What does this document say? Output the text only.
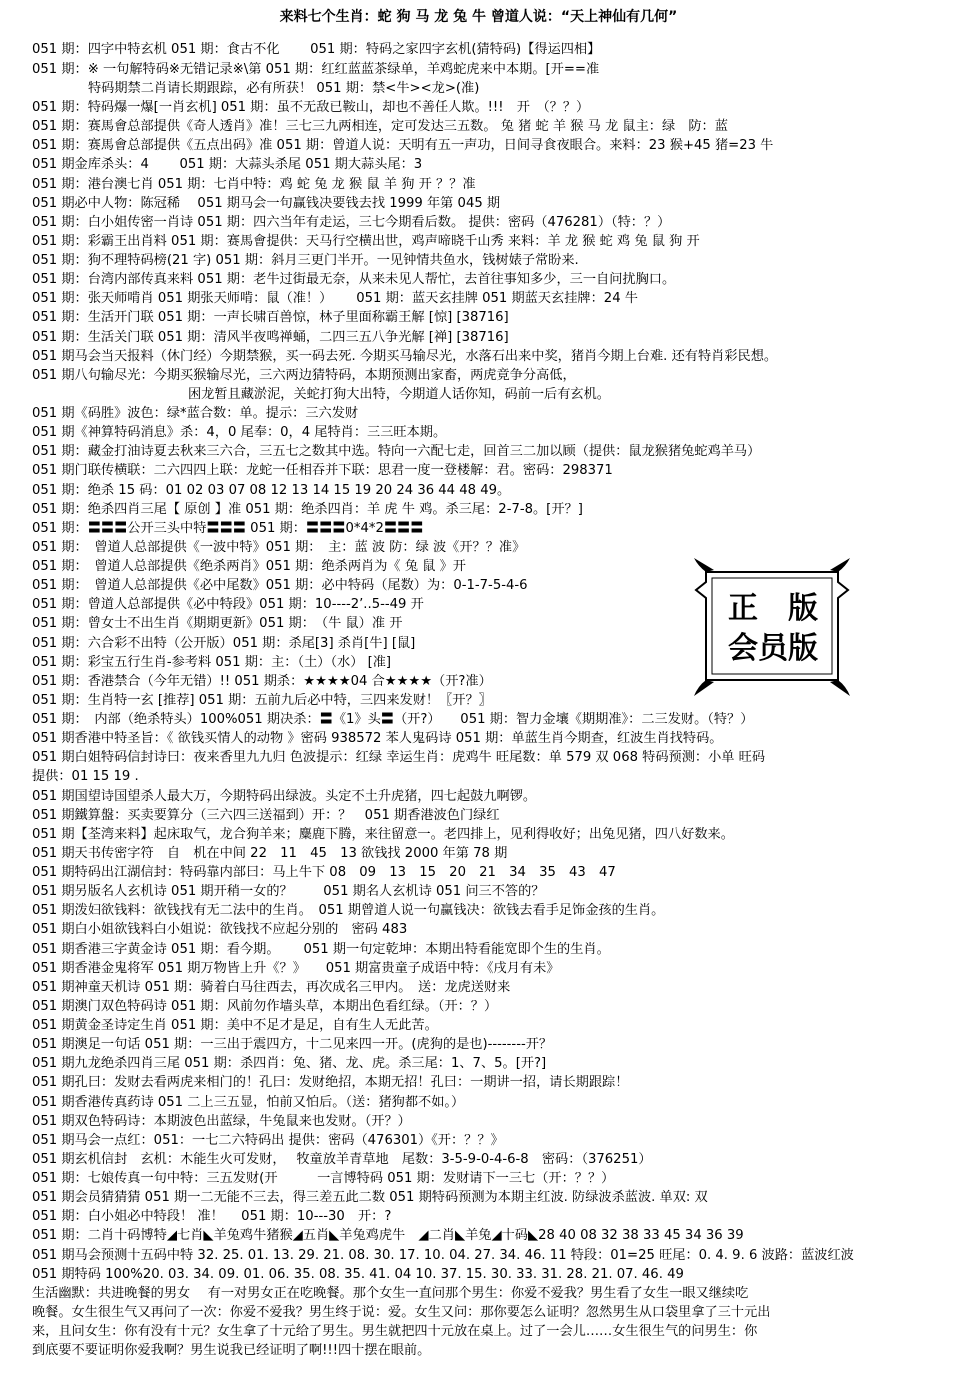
来料七个生肖：蛇 狗 马 龙 兔 牛 曾道人说：“天上神仙有几何”
051 期：四字中特玄机 051 期：食古不化　　 051 期：特码之家四字玄机(猜特码)【得运四相】
051 期：※ 一句解特码※无错记录※\第 051 期：红红蓝蓝茶绿单，羊鸡蛇虎来中本期。[开==准
特码期禁二肖请长期跟踪，必有所获！ 051 期：禁<牛><龙>(准)
051 期：特码爆一爆[一肖玄机] 051 期：虽不无敌已鞍山，却也不善任人欺。!!!　开　（？？）
051 期：赛馬會总部提供《奇人透肖》准！三七三九两相连，定可发达三五数。 兔 猪 蛇 羊 猴 马 龙 鼠主：绿　防：蓝
051 期：赛馬會总部提供《五点出码》准 051 期：曾道人说：天明有五一声功，日间寻食夜眼合。来料：23 猴+45 猪=23 牛
051 期金库杀头：4　　 051 期：大蒜头杀尾 051 期大蒜头尾：3
051 期：港台澳七肖 051 期：七肖中特：鸡 蛇 兔 龙 猴 鼠 羊 狗 开 ？？准
051 期必中人物：陈冠稀　 051 期马会一句赢钱决要钱去找 1999 年第 045 期
051 期：白小姐传密一肖诗 051 期：四六当年有走运，三七今期看后数。 提供：密码（476281）（特：？）
051 期：彩霸王出肖料 051 期：赛馬會提供：天马行空横出世，鸡声啼晓千山秀 来料：羊 龙 猴 蛇 鸡 兔 鼠 狗 开
051 期：狗不理特码榜(21 字) 051 期：斜月三更门半开。一见钟情共鱼水，钱树婊子常盼来.
051 期：台湾内部传真来料 051 期：老牛过街最无奈，从来未见人帮忙，去首往事知多少，三一自问扰胸口。
051 期：张天师啃肖 051 期张天师啃：鼠（准！）　　 051 期：蓝天玄挂牌 051 期蓝天玄挂牌：24 牛
051 期：生活开门联 051 期：一声长啸百兽惊，林子里面称霸王解 [惊] [38716]
051 期：生活关门联 051 期：清风半夜鸣禅蛹，二四三五八争光解 [禅] [38716]
051 期马会当天报料（休门经）今期禁猴，买一码去死. 今期买马输尽光，水落石出来中奖，猪肖今期上台难. 还有特肖彩民想。
051 期八句输尽光：今期买猴输尽光，三六两边猜特码，本期预测出家畜，两虎竟争分高低，
困龙暂且藏淤泥，关蛇打狗大出特，今期道人话你知，码前一后有玄机。
051 期《码胜》波色：绿*蓝合数：单。提示：三六发财
051 期《神算特码消息》杀：4，0 尾奉：0，4 尾特肖：三三旺本期。
051 期：藏金打油诗夏去秋来三六合，三五七之数其中选。特向一六配七走，回首三二加以顾（提供：鼠龙猴猪兔蛇鸡羊马）
051 期门联传横联：二六四四上联：龙蛇一任相吞并下联：思君一度一登楼解：君。密码：298371
051 期：绝杀 15 码：01 02 03 07 08 12 13 14 15 19 20 24 36 44 48 49。
051 期：绝杀四肖三尾【 原创 】准 051 期：绝杀四肖：羊 虎 牛 鸡。杀三尾：2-7-8。[开？]
051 期：〓〓〓公开三头中特〓〓〓 051 期：〓〓〓0*4*2〓〓〓
051 期：　曾道人总部提供《一波中特》051 期：　主：蓝 波 防：绿 波《开？？准》
051 期：　曾道人总部提供《绝杀两肖》051 期：绝杀两肖为《 兔 鼠 》开
051 期：　曾道人总部提供《必中尾数》051 期：必中特码（尾数）为：0-1-7-5-4-6
051 期：曾道人总部提供《必中特段》051 期：10----2’..5--49 开
051 期：曾女士不出生肖《期期更新》051 期：　（牛 鼠）准 开
051 期：六合彩不出特（公开版）051 期：杀尾[3] 杀肖[牛] [鼠]
051 期：彩宝五行生肖-参考料 051 期：主：（土）（水） [准]
051 期：香港禁合（今年无错）!! 051 期杀：★★★★04 合★★★★（开?准）
051 期：生肖特一玄 [推荐] 051 期：五前九后必中特，三四来发财！〖开？〗
051 期：　内部（绝杀特头）100%051 期决杀：〓《1》头〓（开?）　　051 期：智力金壤《期期准》：二三发财。（特？）
051 期香港中特圣旨：《 欲钱买情人的动物 》密码 938572 苯人鬼码诗 051 期：单蓝生肖今期查，红波生肖找特码。
051 期白姐特码信封诗曰：夜来香里九九归 色波提示：红绿 幸运生肖：虎鸡牛 旺尾数：单 579 双 068 特码预测：小单 旺码
提供：01 15 19 .
051 期国望诗国望杀人最大万，今期特码出绿波。头定不土升虎猪，四七起鼓九啊锣。
051 期鐵算盤：买卖要算分（三六四三送福到）开：？　051 期香港波色门绿红
051 期【荃湾来料】起床取气，龙合狗羊来；麋鹿下腾，来往留意一。老四排上，见利得收好；出兔见猪，四八好数来。
051 期天书传密字符　自　机在中间 22　11　45　13 欲钱找 2000 年第 78 期
051 期特码出江湖信封：特码靠内部曰：马上牛下 08　09　13　15　20　21　34　35　43　47
051 期另版名人玄机诗 051 期开稍一女的？　　 051 期名人玄机诗 051 问三不答的？
051 期泼妇欲钱料：欲钱找有无二法中的生肖。　051 期曾道人说一句赢钱决：欲钱去看手足饰金孩的生肖。
051 期白小姐欲钱料白小姐说：欲钱找不应起分别的　密码 483
051 期香港三字黄金诗 051 期：看今期。　　 051 期一句定乾坤：本期出特看能宽即个生的生肖。
051 期香港金鬼将军 051 期万物皆上升《？》　　051 期富贵童子成语中特：《戌月有未》
051 期神童天机诗 051 期：骑着白马往西去，再次成名三甲内。　送：龙虎送财来
051 期澳门双色特码诗 051 期：风前勿作墙头草，本期出色看红绿。（开：？）
051 期黄金圣诗定生肖 051 期：美中不足才是足，自有生人无此苦。
051 期澳足一句话 051 期：一三出于震四方，十二见来四一开。(虎狗的是也)--------开？
051 期九龙绝杀四肖三尾 051 期：杀四肖：兔、猪、龙、虎。杀三尾：1、7、5。[开?]
051 期孔曰：发财去看两虎来相门的！孔曰：发财绝招，本期无招！孔曰：一期讲一招，请长期跟踪！
051 期香港传真药诗 051 二上三五显，怕前又怕后。（送：猪狗都不如。）
051 期双色特码诗：本期波色出蓝绿，牛兔鼠来也发财。（开？）
051 期马会一点红：051：一七二六特码出 提供：密码（476301）《开：？？》
051 期玄机信封　玄机：木能生火可发财，　 牧童放羊青草地　尾数：3-5-9-0-4-6-8　密码：（376251）
051 期：七娘传真一句中特：三五发财(开　　　一言博特码 051 期：发财请下一三七（开：？？）
051 期会员猜猜猜 051 期一二无能不三去，得三差五此二数 051 期特码预测为本期主红波. 防绿波杀蓝波. 单双: 双
051 期：白小姐必中特段！ 准！　 051 期：10---30　开：?
051 期：二肖十码博特◢七肖◣羊兔鸡牛猪猴◢五肖◣羊兔鸡虎牛　◢二肖◣羊兔◢十码◣28 40 08 32 38 33 45 34 36 39
051 期马会预测十五码中特 32. 25. 01. 13. 29. 21. 08. 30. 17. 10. 04. 27. 34. 46. 11 特段：01=25 旺尾：0. 4. 9. 6 波路：蓝波红波
051 期特码 100%20. 03. 34. 09. 01. 06. 35. 08. 35. 41. 04 10. 37. 15. 30. 33. 31. 28. 21. 07. 46. 49
生活幽默：共进晚餐的男女　 有一对男女正在吃晚餐。那个女生一直问那个男生：你爱不爱我？男生看了女生一眼又继续吃
晚餐。女生很生气又再问了一次：你爱不爱我？男生终于说：爱。女生又问：那你要怎么证明？忽然男生从口袋里拿了三十元出
来，且问女生：你有没有十元？女生拿了十元给了男生。男生就把四十元放在桌上。过了一会儿……女生很生气的问男生：你
到底要不要证明你爱我啊？男生说我已经证明了啊!!!四十摆在眼前。
正　版
会员版
